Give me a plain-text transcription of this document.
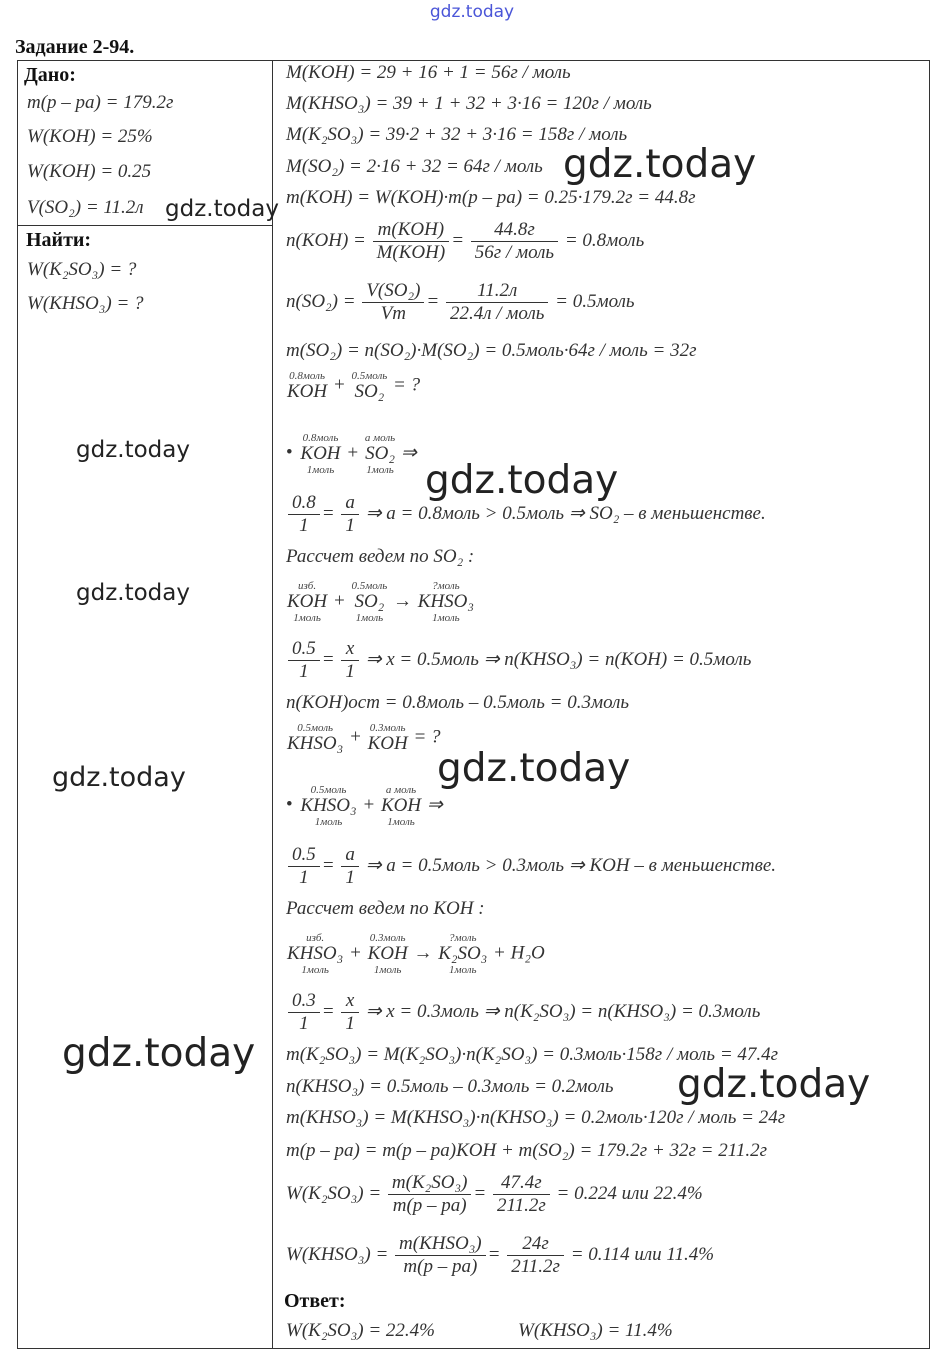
gdz.today
Задание 2-94.
Дано:
m(p – pa) = 179.2г
W(KOH) = 25%
W(KOH) = 0.25
V(SO₂) = 11.2л
Найти:
W(K₂SO₃) = ?
W(KHSO₃) = ?
M(KOH) = 29 + 16 + 1 = 56г / моль
M(KHSO₃) = 39 + 1 + 32 + 3·16 = 120г / моль
M(K₂SO₃) = 39·2 + 32 + 3·16 = 158г / моль
M(SO₂) = 2·16 + 32 = 64г / моль
m(KOH) = W(KOH)·m(p – pa) = 0.25·179.2г = 44.8г
n(KOH) =
m(KOH)
M(KOH)
=
44.8г
56г / моль
= 0.8моль
$n(SO_2) = \frac{\text{V(SO₂)}}{Vm}$ =
11.2л
22.4л / моль
= 0.5моль
m(SO₂) = n(SO₂)·M(SO₂) = 0.5моль·64г / моль = 32г
0.8моль
KOH + 0.5моль
SO₂ = ?
•
0.8моль
KOH
1моль
+
a моль
SO₂
1моль
⇒
$\frac{0.8}{1} = \frac{a}{1}$ ⇒ a = 0.8моль > 0.5моль ⇒ SO₂ – в меньшенстве.
Рассчет ведем по SO₂ :
изб.
KOH
1моль
+
0.5моль
SO₂
1моль
→
?моль
KHSO₃
1моль
$\frac{0.5}{1} = \frac{x}{1}$ ⇒ x = 0.5моль ⇒ n(KHSO₃) = n(KOH) = 0.5моль
n(KOH)ост = 0.8моль – 0.5моль = 0.3моль
0.5моль
KHSO₃ + 0.3моль
KOH = ?
•
0.5моль
KHSO₃
1моль
+
a моль
KOH
1моль
⇒
$\frac{0.5}{1} = \frac{a}{1}$ ⇒ a = 0.5моль > 0.3моль ⇒ KOH – в меньшенстве.
Рассчет ведем по KOH :
изб.
KHSO₃
1моль
+
0.3моль
KOH
1моль
→
?моль
K₂SO₃
1моль
+ H₂O
$\frac{0.3}{1} = \frac{x}{1}$ ⇒ x = 0.3моль ⇒ n(K₂SO₃) = n(KHSO₃) = 0.3моль
m(K₂SO₃) = M(K₂SO₃)·n(K₂SO₃) = 0.3моль·158г / моль = 47.4г
n(KHSO₃) = 0.5моль – 0.3моль = 0.2моль
m(KHSO₃) = M(KHSO₃)·n(KHSO₃) = 0.2моль·120г / моль = 24г
m(p – pa) = m(p – pa)KOH + m(SO₂) = 179.2г + 32г = 211.2г
$W(K_2SO_3) = \frac{\text{m(K₂SO₃)}}{m(p - pa)}$ =
47.4г
211.2г
= 0.224 или 22.4%
W(KHSO₃) =
m(KHSO₃)
m(p – pa)
=
24г
211.2г
= 0.114 или 11.4%
Ответ:
W(K₂SO₃) = 22.4%	W(KHSO₃) = 11.4%
gdz.today
gdz.today
gdz.today
gdz.today
gdz.today
gdz.today	gdz.today
gdz.today
gdz.today
